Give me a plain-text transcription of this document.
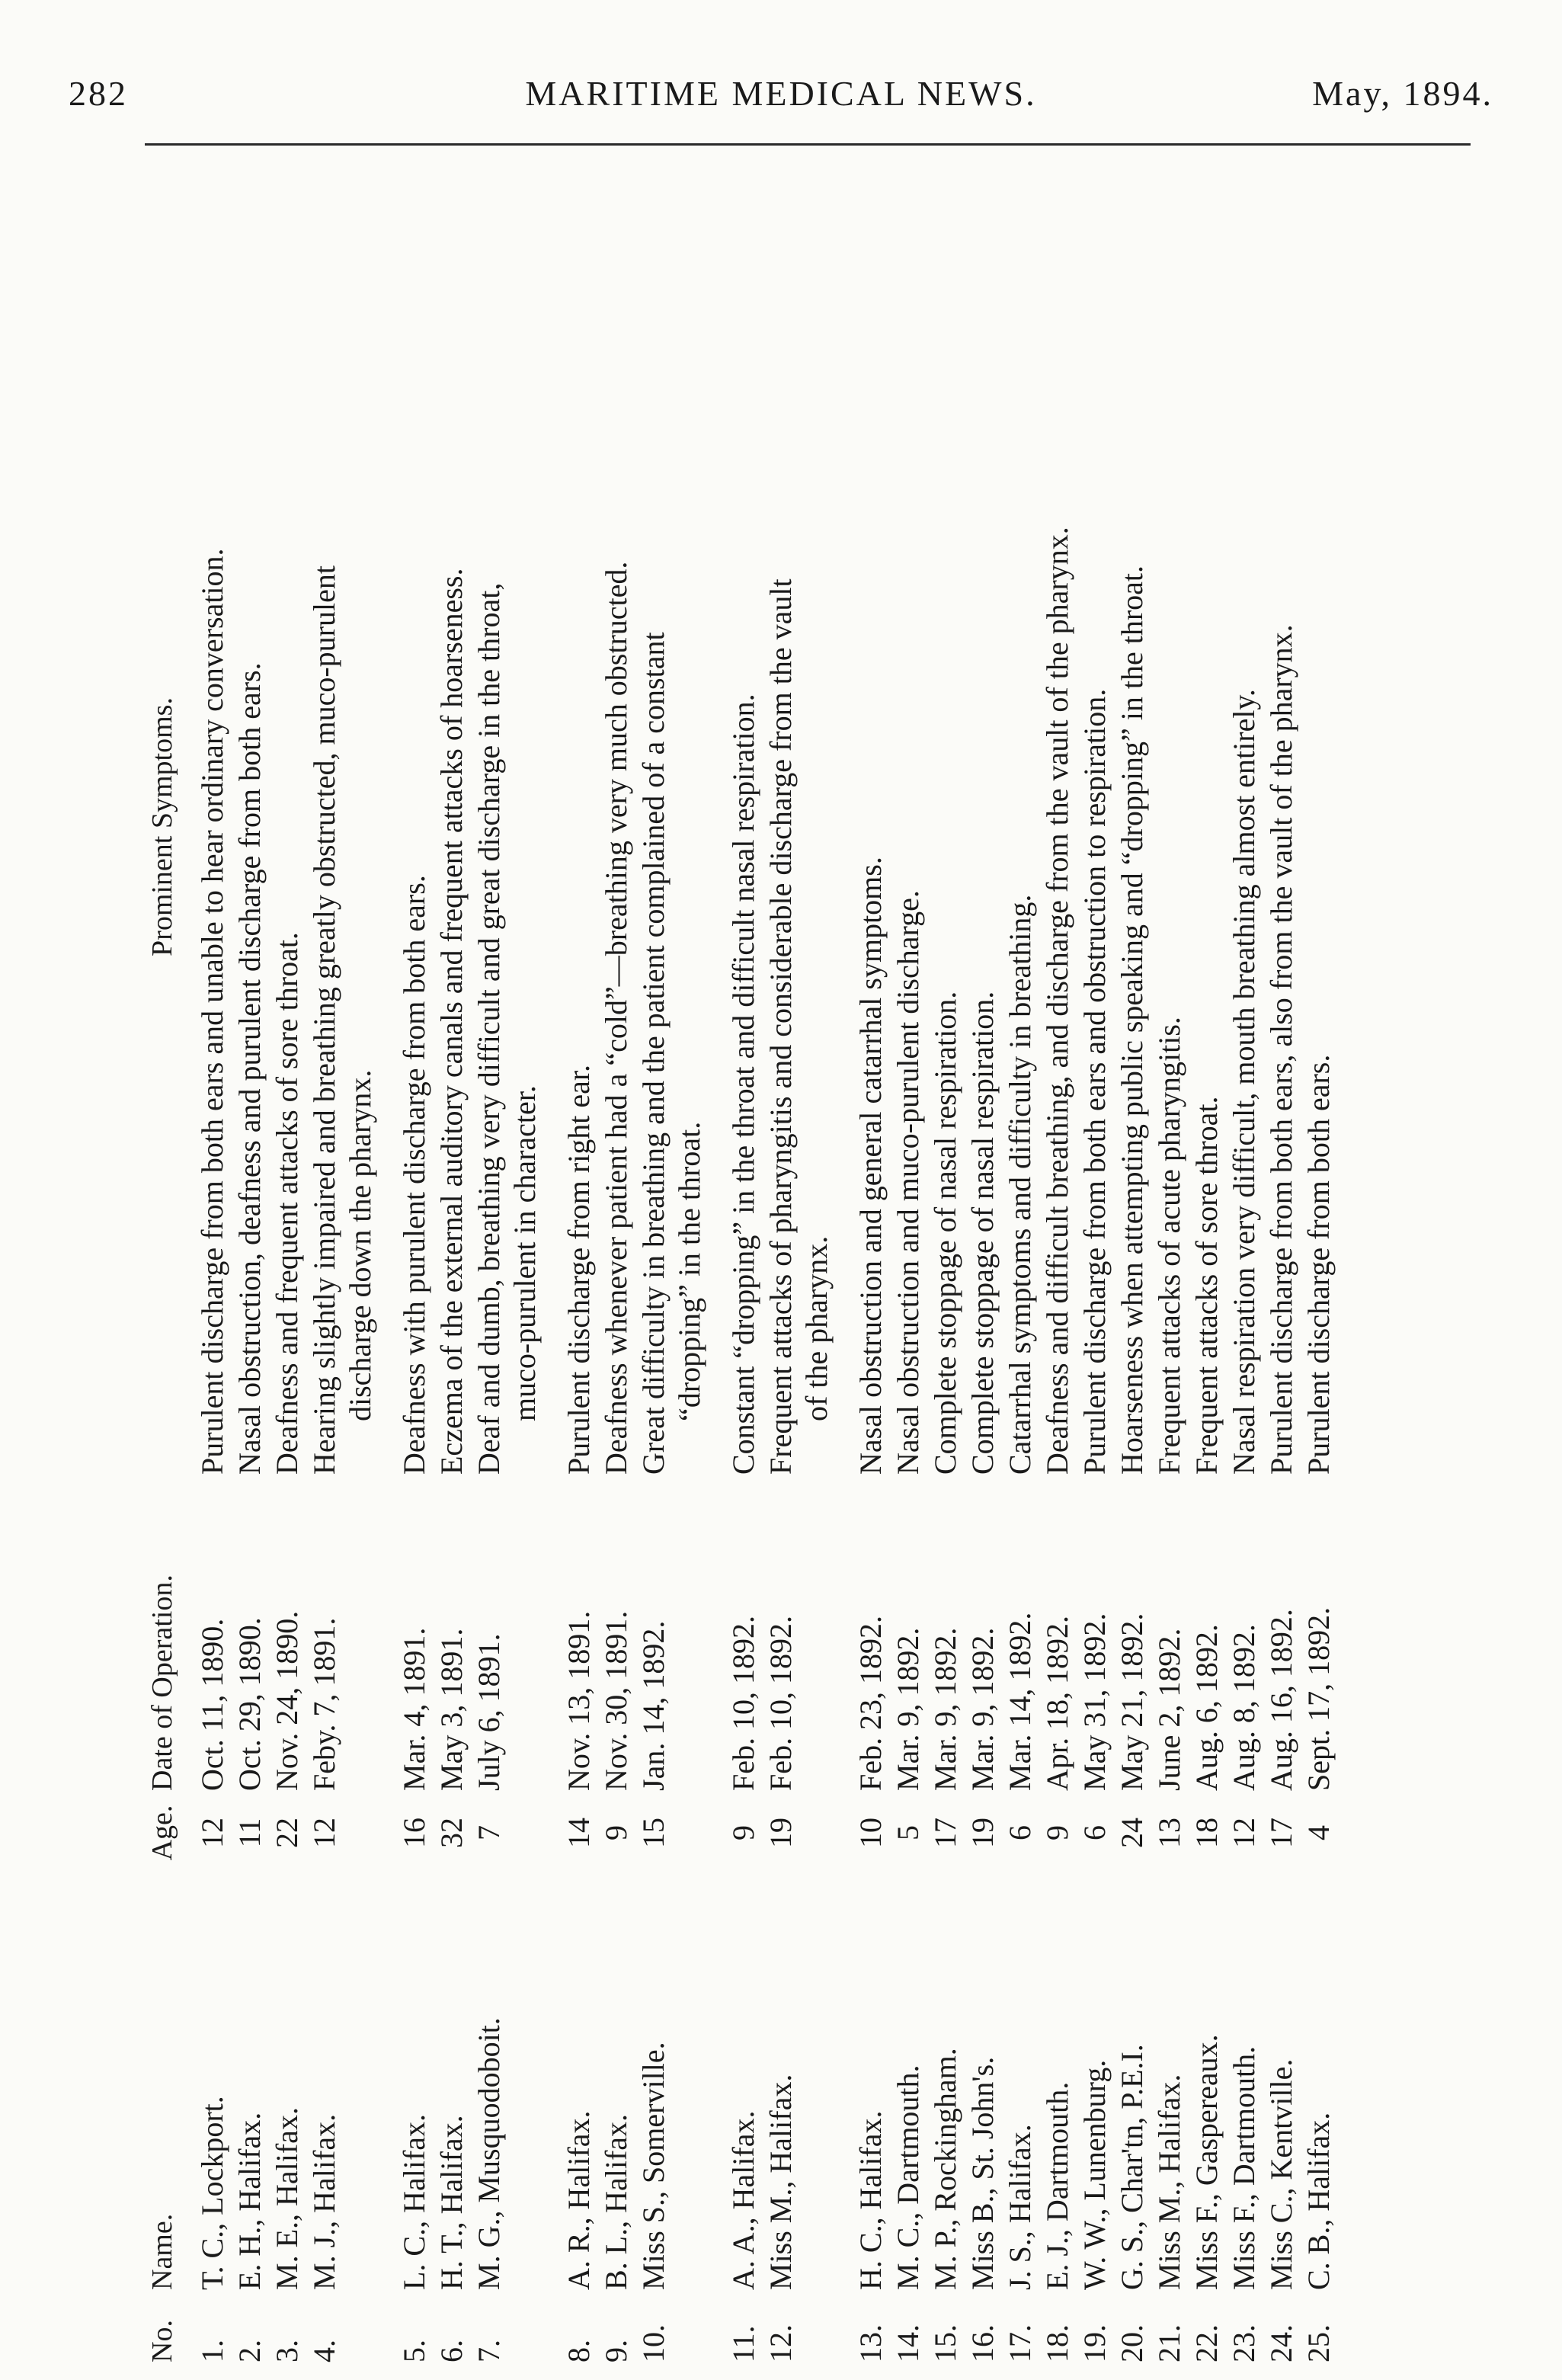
282	MARITIME MEDICAL NEWS.	May, 1894.
No.
Name.
Age.
Date of Operation.
Prominent Symptoms.
1.
T. C., Lockport.
12
Oct. 11, 1890.
Purulent discharge from both ears and unable to hear ordinary conversation.
2.
E. H., Halifax.
11
Oct. 29, 1890.
Nasal obstruction, deafness and purulent discharge from both ears.
3.
M. E., Halifax.
22
Nov. 24, 1890.
Deafness and frequent attacks of sore throat.
4.
M. J., Halifax.
12
Feby. 7, 1891.
Hearing slightly impaired and breathing greatly obstructed, muco-purulent discharge down the pharynx.
5.
L. C., Halifax.
16
Mar. 4, 1891.
Deafness with purulent discharge from both ears.
6.
H. T., Halifax.
32
May 3, 1891.
Eczema of the external auditory canals and frequent attacks of hoarseness.
7.
M. G., Musquodoboit.
7
July 6, 1891.
Deaf and dumb, breathing very difficult and great discharge in the throat, muco-purulent in character.
8.
A. R., Halifax.
14
Nov. 13, 1891.
Purulent discharge from right ear.
9.
B. L., Halifax.
9
Nov. 30, 1891.
Deafness whenever patient had a “cold”—breathing very much obstructed.
10.
Miss S., Somerville.
15
Jan. 14, 1892.
Great difficulty in breathing and the patient complained of a constant “dropping” in the throat.
11.
A. A., Halifax.
9
Feb. 10, 1892.
Constant “dropping” in the throat and difficult nasal respiration.
12.
Miss M., Halifax.
19
Feb. 10, 1892.
Frequent attacks of pharyngitis and considerable discharge from the vault of the pharynx.
13.
H. C., Halifax.
10
Feb. 23, 1892.
Nasal obstruction and general catarrhal symptoms.
14.
M. C., Dartmouth.
5
Mar. 9, 1892.
Nasal obstruction and muco-purulent discharge.
15.
M. P., Rockingham.
17
Mar. 9, 1892.
Complete stoppage of nasal respiration.
16.
Miss B., St. John's.
19
Mar. 9, 1892.
Complete stoppage of nasal respiration.
17.
J. S., Halifax.
6
Mar. 14, 1892.
Catarrhal symptoms and difficulty in breathing.
18.
E. J., Dartmouth.
9
Apr. 18, 1892.
Deafness and difficult breathing, and discharge from the vault of the pharynx.
19.
W. W., Lunenburg.
6
May 31, 1892.
Purulent discharge from both ears and obstruction to respiration.
20.
G. S., Char'tn, P.E.I.
24
May 21, 1892.
Hoarseness when attempting public speaking and “dropping” in the throat.
21.
Miss M., Halifax.
13
June 2, 1892.
Frequent attacks of acute pharyngitis.
22.
Miss F., Gaspereaux.
18
Aug. 6, 1892.
Frequent attacks of sore throat.
23.
Miss F., Dartmouth.
12
Aug. 8, 1892.
Nasal respiration very difficult, mouth breathing almost entirely.
24.
Miss C., Kentville.
17
Aug. 16, 1892.
Purulent discharge from both ears, also from the vault of the pharynx.
25.
C. B., Halifax.
4
Sept. 17, 1892.
Purulent discharge from both ears.
